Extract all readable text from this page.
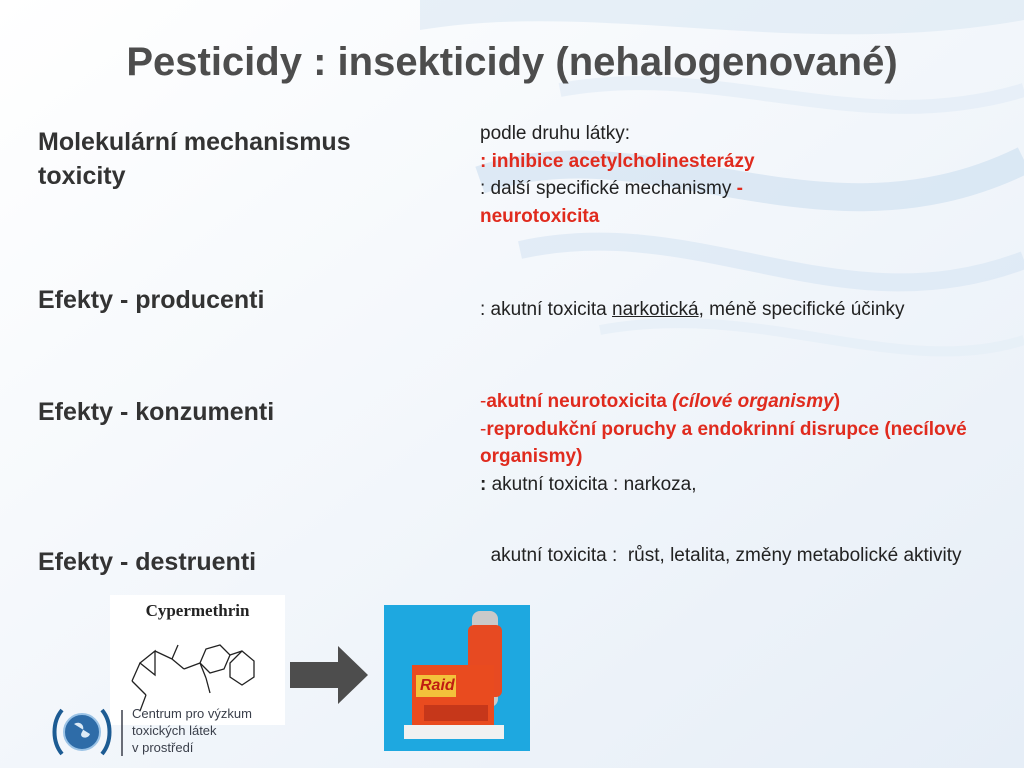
Pesticidy : insekticidy (nehalogenované)
Molekulární mechanismus
toxicity
Efekty - producenti
Efekty - konzumenti
Efekty - destruenti
podle druhu látky:
: inhibice acetylcholinesterázy
: další specifické mechanismy -
neurotoxicita
: akutní toxicita narkotická, méně specifické účinky
-akutní neurotoxicita (cílové organismy)
-reprodukční poruchy a endokrinní disrupce (necílové organismy)
: akutní toxicita : narkoza,
akutní toxicita :  růst, letalita, změny metabolické aktivity
Cypermethrin
Raid
Centrum pro výzkum
toxických látek
v prostředí
